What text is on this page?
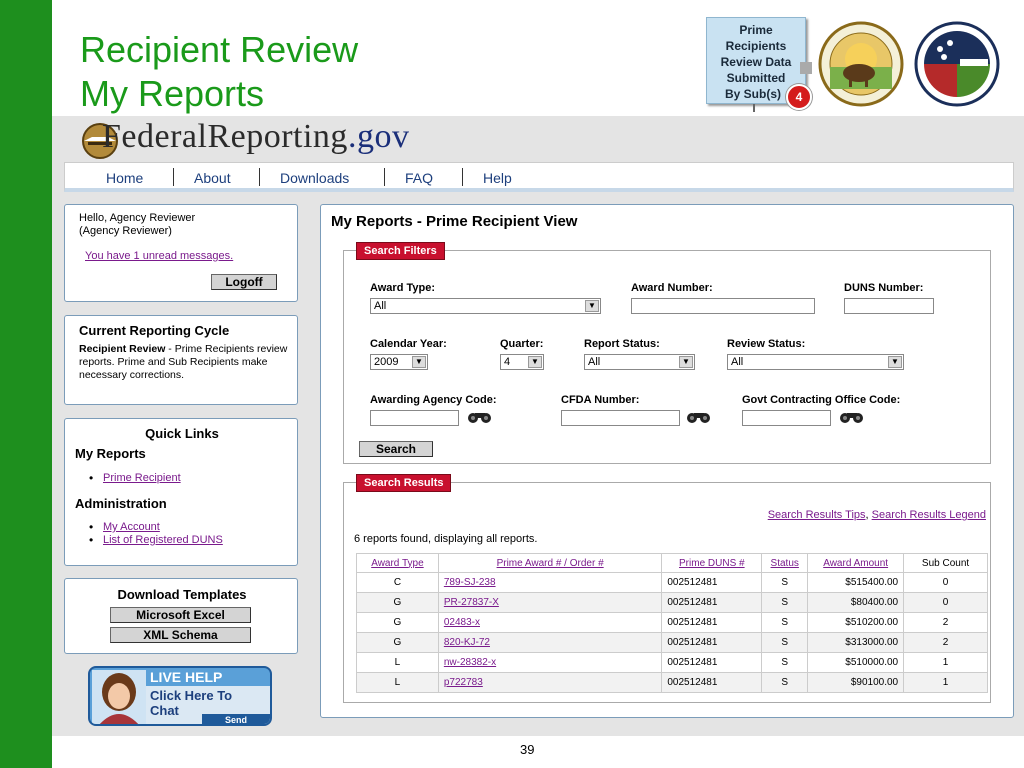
Recipient Review
My Reports
Prime
Recipients
Review Data
Submitted
By Sub(s)	4
FederalReporting.gov
Home	About	Downloads	FAQ	Help
Hello, Agency Reviewer
(Agency Reviewer)
You have 1 unread messages.
Logoff
Current Reporting Cycle
Recipient Review - Prime Recipients review reports. Prime and Sub Recipients make necessary corrections.
Quick Links
My Reports
• Prime Recipient
Administration
• My Account
• List of Registered DUNS
Download Templates
Microsoft Excel
XML Schema
LIVE HELP
Click Here To
Chat
Send
My Reports - Prime Recipient View
Search Filters
Award Type:
All	▼
Award Number:	DUNS Number:
Calendar Year:
2009	▼
Quarter:
4	▼
Report Status:
All	▼
Review Status:
All	▼
Awarding Agency Code:	CFDA Number:	Govt Contracting Office Code:
Search
Search Results
Search Results Tips, Search Results Legend
6 reports found, displaying all reports.
Award Type	Prime Award # / Order #	Prime DUNS #	Status	Award Amount	Sub Count
C	789-SJ-238	002512481	S	$515400.00	0
G	PR-27837-X	002512481	S	$80400.00	0
G	02483-x	002512481	S	$510200.00	2
G	820-KJ-72	002512481	S	$313000.00	2
L	nw-28382-x	002512481	S	$510000.00	1
L	p722783	002512481	S	$90100.00	1
39
